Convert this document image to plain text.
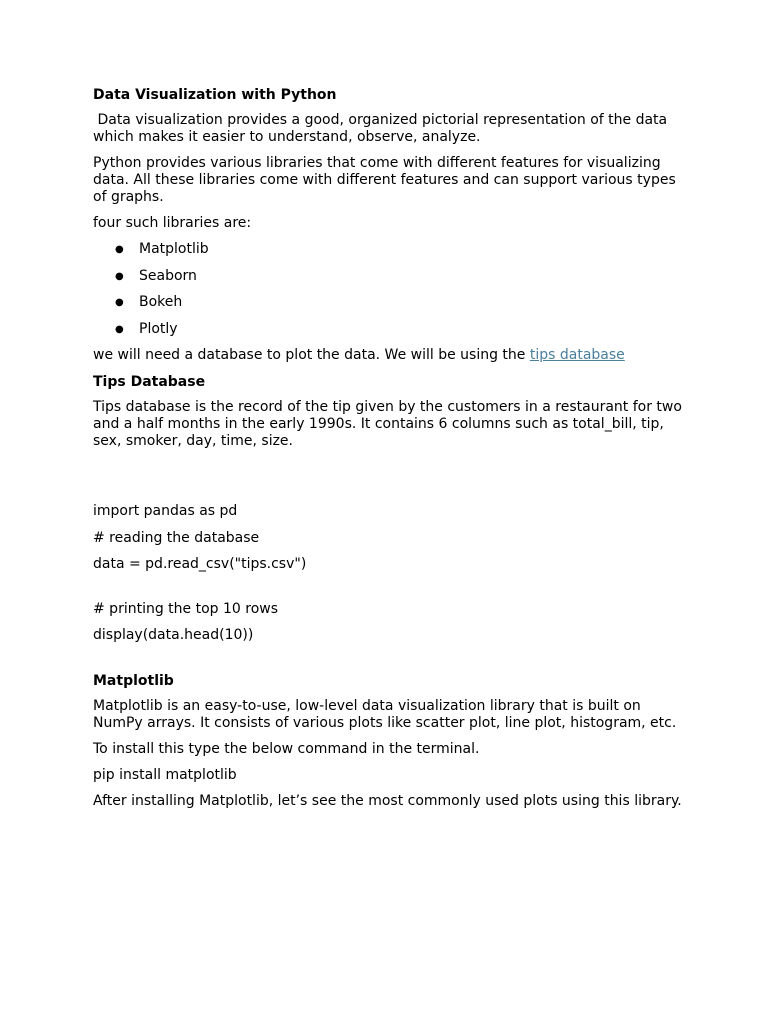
Data Visualization with Python

Data visualization provides a good, organized pictorial representation of the data which makes it easier to understand, observe, analyze.

Python provides various libraries that come with different features for visualizing data. All these libraries come with different features and can support various types of graphs.

four such libraries are:

● Matplotlib
● Seaborn
● Bokeh
● Plotly

we will need a database to plot the data. We will be using the tips database

Tips Database

Tips database is the record of the tip given by the customers in a restaurant for two and a half months in the early 1990s. It contains 6 columns such as total_bill, tip, sex, smoker, day, time, size.

import pandas as pd

# reading the database

data = pd.read_csv("tips.csv")

# printing the top 10 rows

display(data.head(10))

Matplotlib

Matplotlib is an easy-to-use, low-level data visualization library that is built on NumPy arrays. It consists of various plots like scatter plot, line plot, histogram, etc.

To install this type the below command in the terminal.

pip install matplotlib

After installing Matplotlib, let’s see the most commonly used plots using this library.
